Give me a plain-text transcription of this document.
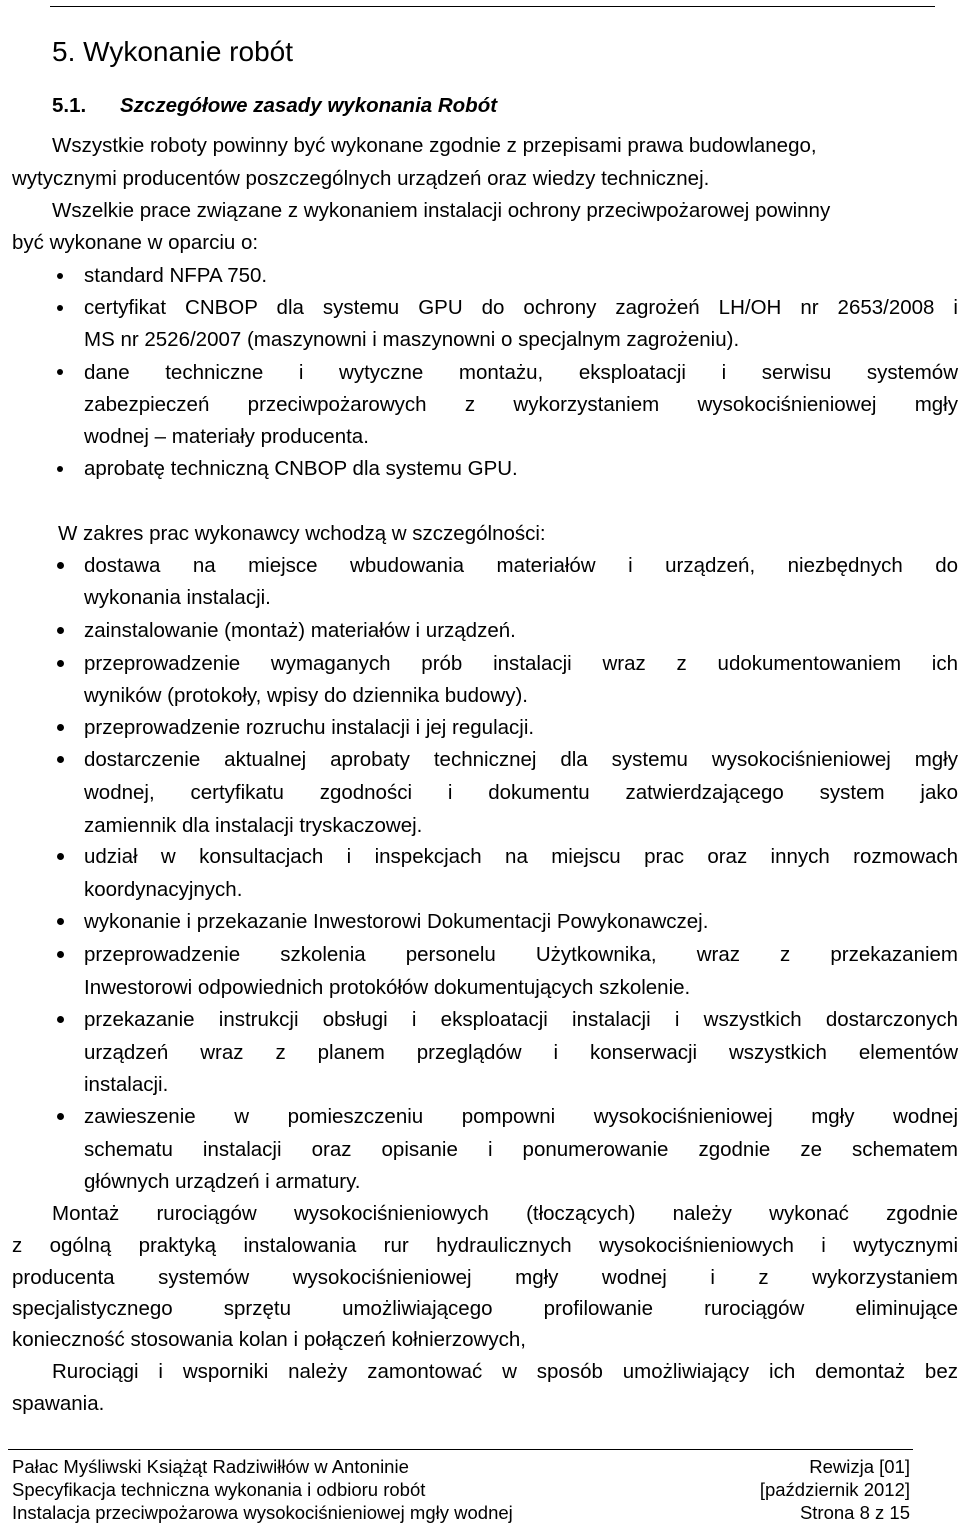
5. Wykonanie robót
5.1. Szczegółowe zasady wykonania Robót
Wszystkie roboty powinny być wykonane zgodnie z przepisami prawa budowlanego,
wytycznymi producentów poszczególnych urządzeń oraz wiedzy technicznej.
Wszelkie prace związane z wykonaniem instalacji ochrony przeciwpożarowej powinny
być wykonane w oparciu o:
standard NFPA 750.
certyfikat CNBOP dla systemu GPU do ochrony zagrożeń LH/OH nr 2653/2008 i
MS nr 2526/2007 (maszynowni i maszynowni o specjalnym zagrożeniu).
dane techniczne i wytyczne montażu, eksploatacji i serwisu systemów
zabezpieczeń przeciwpożarowych z wykorzystaniem wysokociśnieniowej mgły
wodnej – materiały producenta.
aprobatę techniczną CNBOP dla systemu GPU.
W zakres prac wykonawcy wchodzą w szczególności:
dostawa na miejsce wbudowania materiałów i urządzeń, niezbędnych do
wykonania instalacji.
zainstalowanie (montaż) materiałów i urządzeń.
przeprowadzenie wymaganych prób instalacji wraz z udokumentowaniem ich
wyników (protokoły, wpisy do dziennika budowy).
przeprowadzenie rozruchu instalacji i jej regulacji.
dostarczenie aktualnej aprobaty technicznej dla systemu wysokociśnieniowej mgły
wodnej, certyfikatu zgodności i dokumentu zatwierdzającego system jako
zamiennik dla instalacji tryskaczowej.
udział w konsultacjach i inspekcjach na miejscu prac oraz innych rozmowach
koordynacyjnych.
wykonanie i przekazanie Inwestorowi Dokumentacji Powykonawczej.
przeprowadzenie szkolenia personelu Użytkownika, wraz z przekazaniem
Inwestorowi odpowiednich protokółów dokumentujących szkolenie.
przekazanie instrukcji obsługi i eksploatacji instalacji i wszystkich dostarczonych
urządzeń wraz z planem przeglądów i konserwacji wszystkich elementów
instalacji.
zawieszenie w pomieszczeniu pompowni wysokociśnieniowej mgły wodnej
schematu instalacji oraz opisanie i ponumerowanie zgodnie ze schematem
głównych urządzeń i armatury.
Montaż rurociągów wysokociśnieniowych (tłoczących) należy wykonać zgodnie
z ogólną praktyką instalowania rur hydraulicznych wysokociśnieniowych i wytycznymi
producenta systemów wysokociśnieniowej mgły wodnej i z wykorzystaniem
specjalistycznego sprzętu umożliwiającego profilowanie rurociągów eliminujące
konieczność stosowania kolan i połączeń kołnierzowych,
Rurociągi i wsporniki należy zamontować w sposób umożliwiający ich demontaż bez
spawania.
Pałac Myśliwski Książąt Radziwiłłów w Antoninie
Specyfikacja techniczna wykonania i odbioru robót
Instalacja przeciwpożarowa wysokociśnieniowej mgły wodnej
Rewizja [01]
[październik 2012]
Strona 8 z 15
